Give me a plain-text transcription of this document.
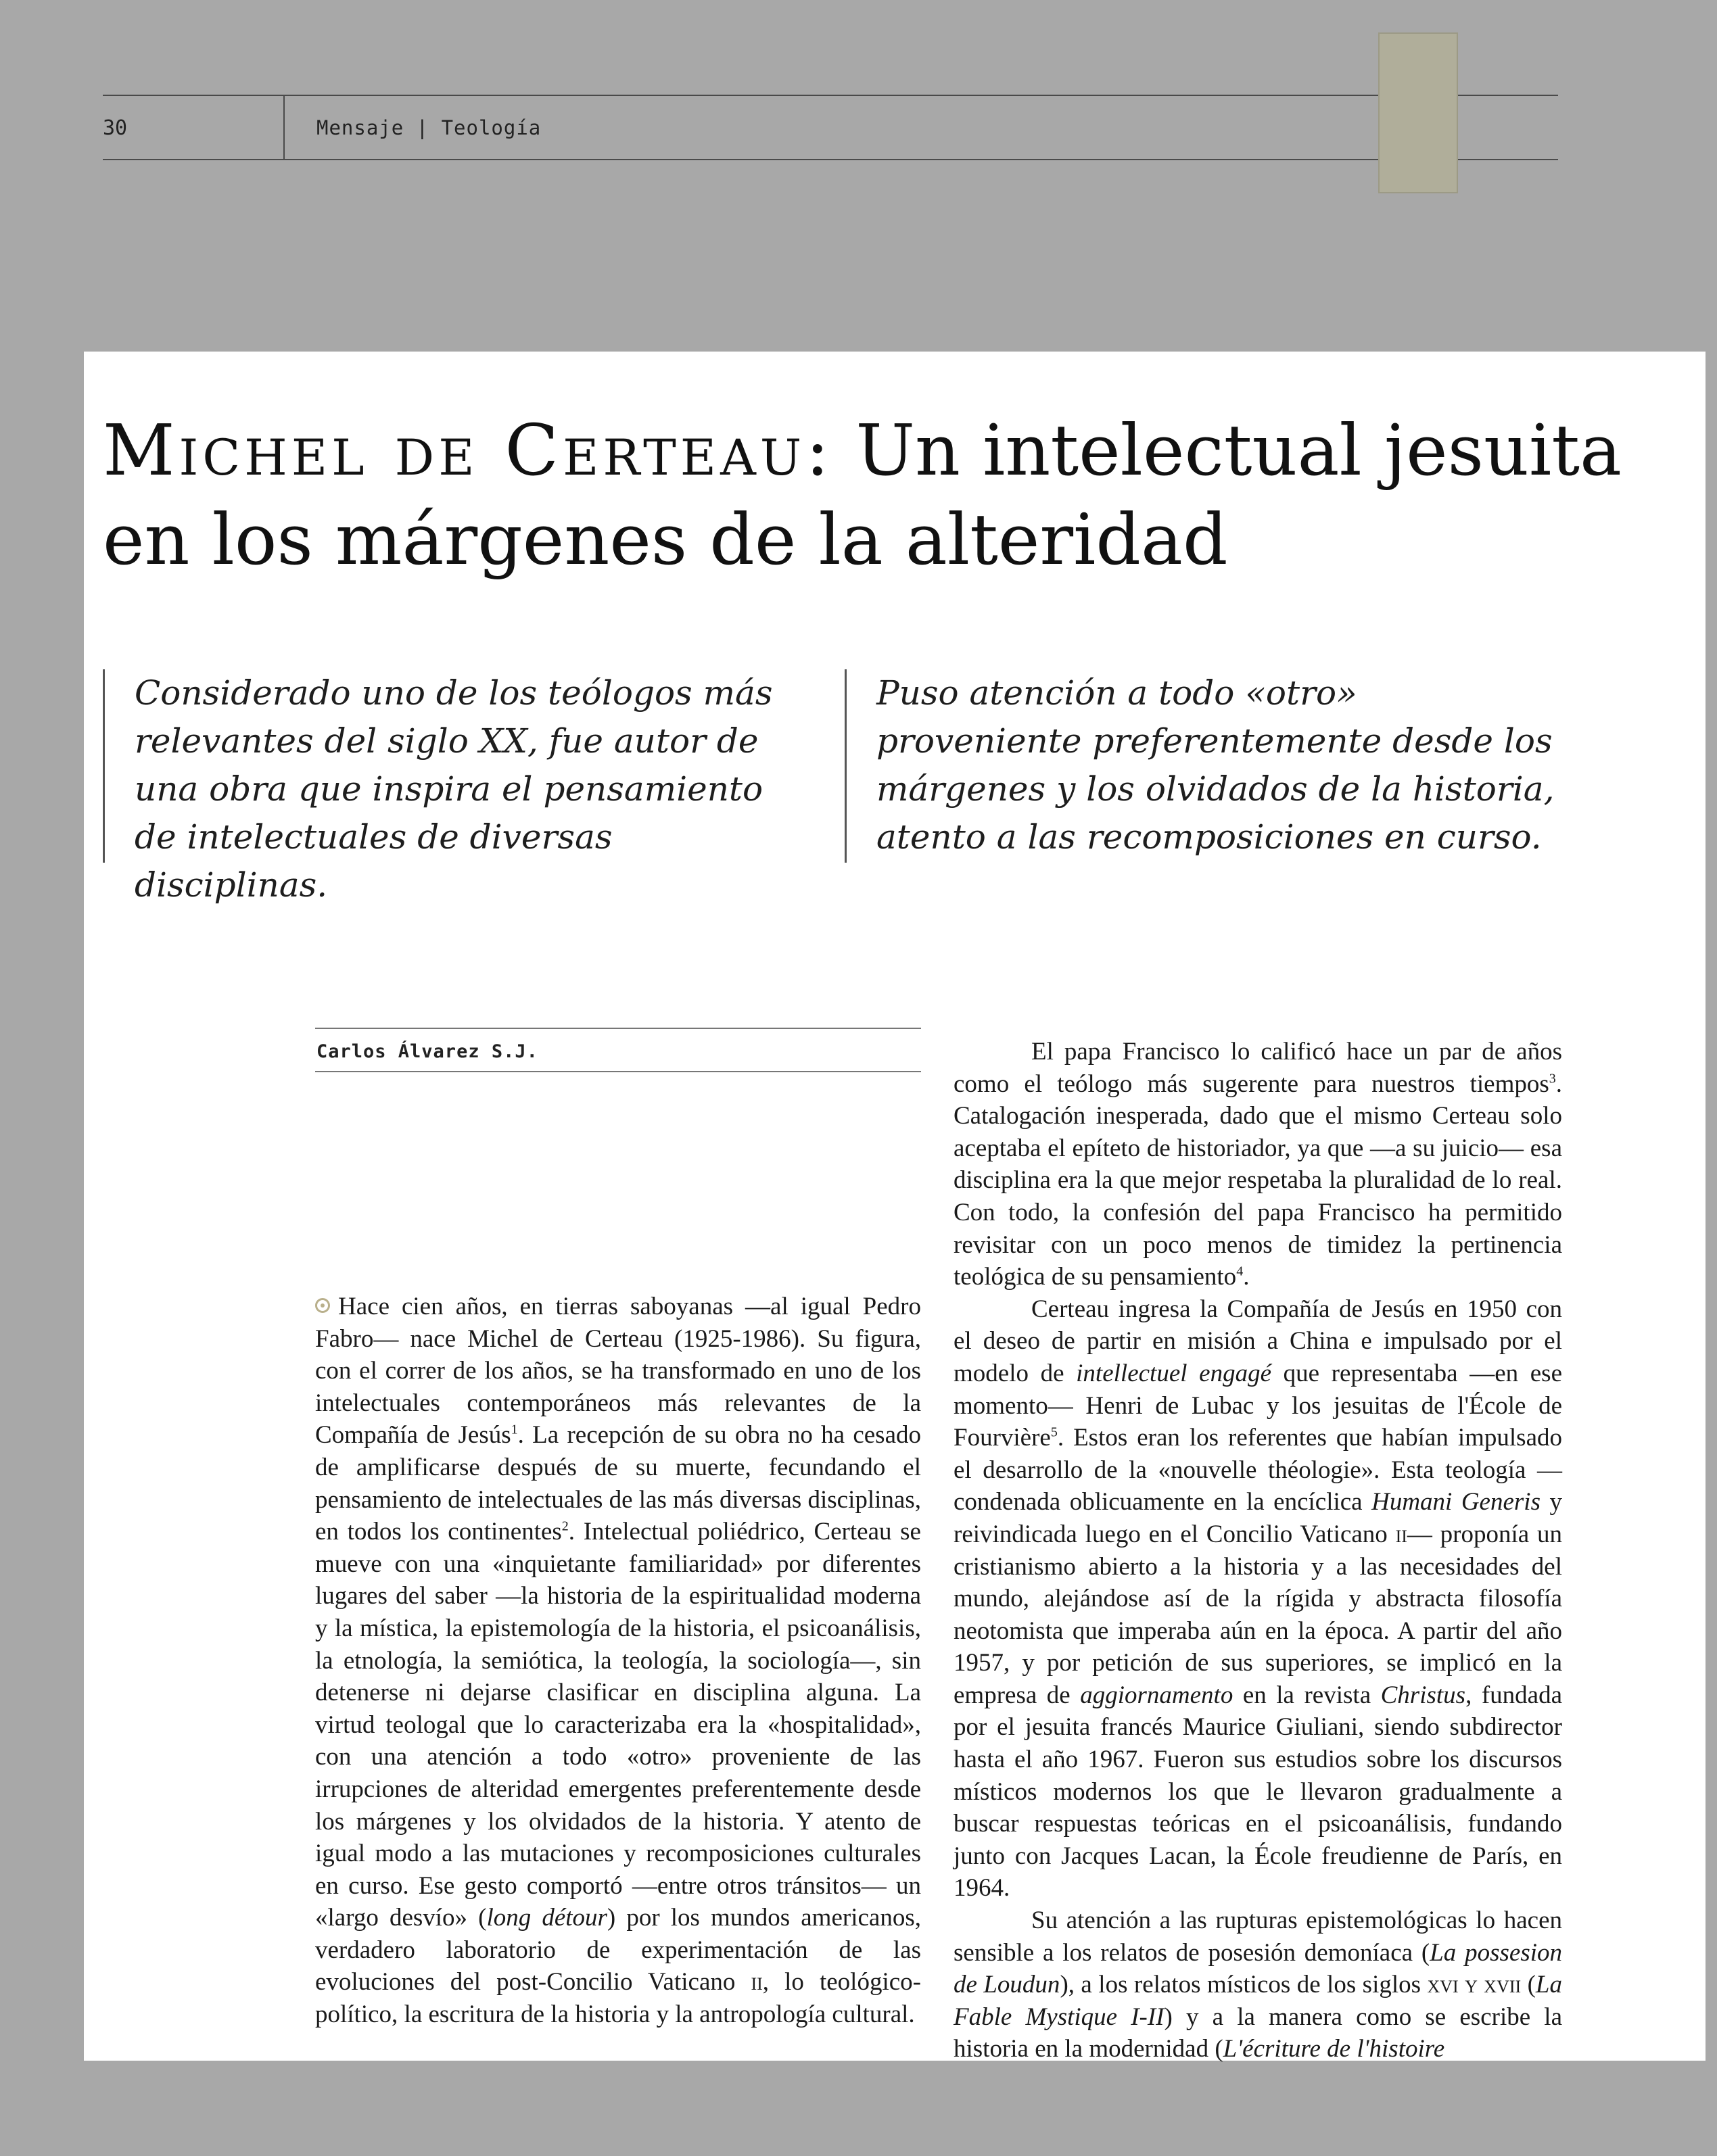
30	Mensaje | Teología
Michel de Certeau: Un intelectual jesuita en los márgenes de la alteridad

Considerado uno de los teólogos más relevantes del siglo XX, fue autor de una obra que inspira el pensamiento de intelectuales de diversas disciplinas.

Puso atención a todo «otro» proveniente preferentemente desde los márgenes y los olvidados de la historia, atento a las recomposiciones en curso.

Carlos Álvarez S.J.

Hace cien años, en tierras saboyanas —al igual Pedro Fabro— nace Michel de Certeau (1925-1986). Su figura, con el correr de los años, se ha transformado en uno de los intelectuales contemporáneos más relevantes de la Compañía de Jesús$^1$. La recepción de su obra no ha cesado de amplificarse después de su muerte, fecundando el pensamiento de intelectuales de las más diversas disciplinas, en todos los continentes$^2$. Intelectual poliédrico, Certeau se mueve con una «inquietante familiaridad» por diferentes lugares del saber —la historia de la espiritualidad moderna y la mística, la epistemología de la historia, el psicoanálisis, la etnología, la semiótica, la teología, la sociología—, sin detenerse ni dejarse clasificar en disciplina alguna. La virtud teologal que lo caracterizaba era la «hospitalidad», con una atención a todo «otro» proveniente de las irrupciones de alteridad emergentes preferentemente desde los márgenes y los olvidados de la historia. Y atento de igual modo a las mutaciones y recomposiciones culturales en curso. Ese gesto comportó —entre otros tránsitos— un «largo desvío» (long détour) por los mundos americanos, verdadero laboratorio de experimentación de las evoluciones del post-Concilio Vaticano ii, lo teológico-político, la escritura de la historia y la antropología cultural.

El papa Francisco lo calificó hace un par de años como el teólogo más sugerente para nuestros tiempos$^3$. Catalogación inesperada, dado que el mismo Certeau solo aceptaba el epíteto de historiador, ya que —a su juicio— esa disciplina era la que mejor respetaba la pluralidad de lo real. Con todo, la confesión del papa Francisco ha permitido revisitar con un poco menos de timidez la pertinencia teológica de su pensamiento$^4$.

Certeau ingresa la Compañía de Jesús en 1950 con el deseo de partir en misión a China e impulsado por el modelo de intellectuel engagé que representaba —en ese momento— Henri de Lubac y los jesuitas de l'École de Fourvière$^5$. Estos eran los referentes que habían impulsado el desarrollo de la «nouvelle théologie». Esta teología —condenada oblicuamente en la encíclica Humani Generis y reivindicada luego en el Concilio Vaticano ii— proponía un cristianismo abierto a la historia y a las necesidades del mundo, alejándose así de la rígida y abstracta filosofía neotomista que imperaba aún en la época. A partir del año 1957, y por petición de sus superiores, se implicó en la empresa de aggiornamento en la revista Christus, fundada por el jesuita francés Maurice Giuliani, siendo subdirector hasta el año 1967. Fueron sus estudios sobre los discursos místicos modernos los que le llevaron gradualmente a buscar respuestas teóricas en el psicoanálisis, fundando junto con Jacques Lacan, la École freudienne de París, en 1964.

Su atención a las rupturas epistemológicas lo hacen sensible a los relatos de posesión demoníaca (La possesion de Loudun), a los relatos místicos de los siglos xvi y xvii (La Fable Mystique I-II) y a la manera como se escribe la historia en la modernidad (L'écriture de l'histoire
